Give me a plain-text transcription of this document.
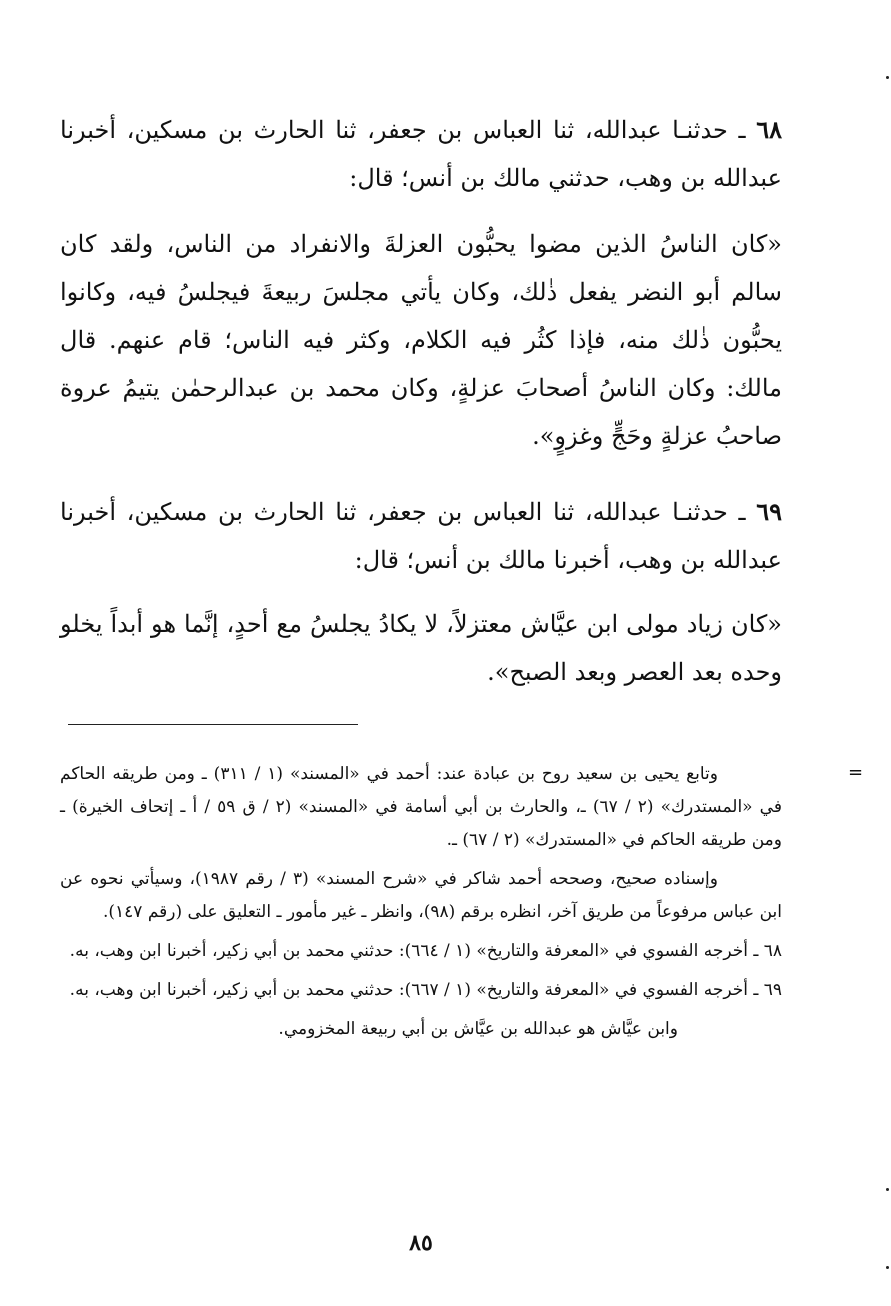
٦٨ ـ حدثنـا عبدالله، ثنا العباس بن جعفر، ثنا الحارث بن مسكين، أخبرنا عبدالله بن وهب، حدثني مالك بن أنس؛ قال:

«كان الناسُ الذين مضوا يحبُّون العزلةَ والانفراد من الناس، ولقد كان سالم أبو النضر يفعل ذٰلك، وكان يأتي مجلسَ ربيعةَ فيجلسُ فيه، وكانوا يحبُّون ذٰلك منه، فإذا كثُر فيه الكلام، وكثر فيه الناس؛ قام عنهم. قال مالك: وكان الناسُ أصحابَ عزلةٍ، وكان محمد بن عبدالرحمٰن يتيمُ عروة صاحبُ عزلةٍ وحَجٍّ وغزوٍ».

٦٩ ـ حدثنـا عبدالله، ثنا العباس بن جعفر، ثنا الحارث بن مسكين، أخبرنا عبدالله بن وهب، أخبرنا مالك بن أنس؛ قال:

«كان زياد مولى ابن عيَّاش معتزلاً، لا يكادُ يجلسُ مع أحدٍ، إنَّما هو أبداً يخلو وحده بعد العصر وبعد الصبح».

=

وتابع يحيى بن سعيد روح بن عبادة عند: أحمد في «المسند» (١ / ٣١١) ـ ومن طريقه الحاكم في «المستدرك» (٢ / ٦٧) ـ، والحارث بن أبي أسامة في «المسند» (٢ / ق ٥٩ / أ ـ إتحاف الخيرة) ـ ومن طريقه الحاكم في «المستدرك» (٢ / ٦٧) ـ.

وإسناده صحيح، وصححه أحمد شاكر في «شرح المسند» (٣ / رقم ١٩٨٧)، وسيأتي نحوه عن ابن عباس مرفوعاً من طريق آخر، انظره برقم (٩٨)، وانظر ـ غير مأمور ـ التعليق على (رقم ١٤٧).

٦٨ ـ أخرجه الفسوي في «المعرفة والتاريخ» (١ / ٦٦٤): حدثني محمد بن أبي زكير، أخبرنا ابن وهب، به.

٦٩ ـ أخرجه الفسوي في «المعرفة والتاريخ» (١ / ٦٦٧): حدثني محمد بن أبي زكير، أخبرنا ابن وهب، به.

وابن عيَّاش هو عبدالله بن عيَّاش بن أبي ربيعة المخزومي.

٨٥
